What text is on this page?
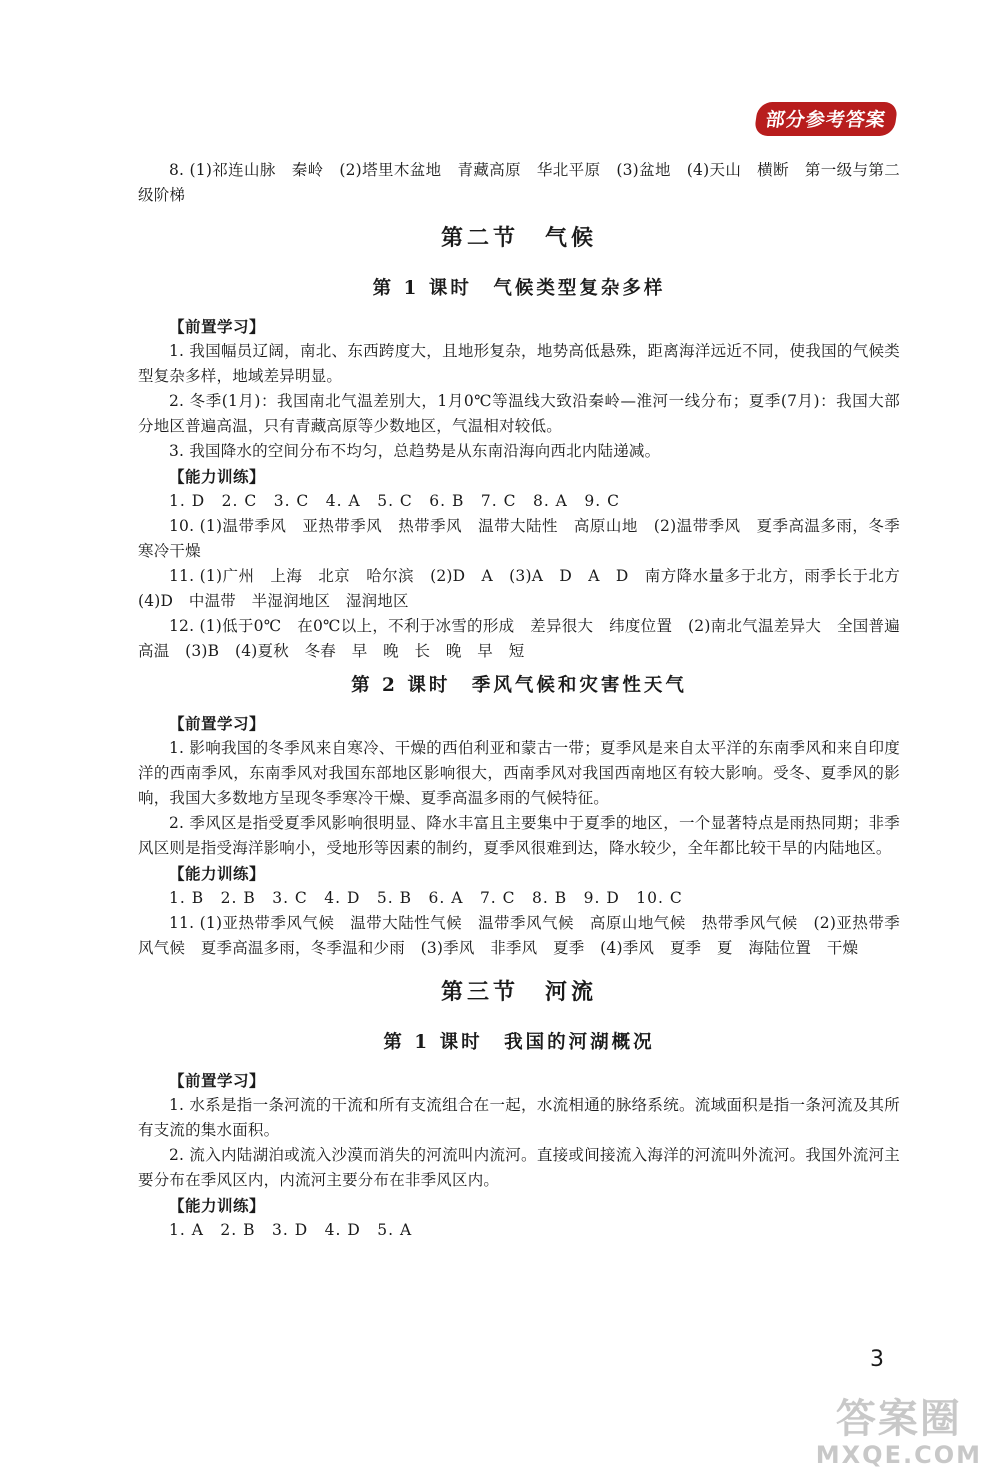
部分参考答案

8. (1)祁连山脉　秦岭　(2)塔里木盆地　青藏高原　华北平原　(3)盆地　(4)天山　横断　第一级与第二级阶梯

第二节　气候
第 1 课时　气候类型复杂多样

【前置学习】

1. 我国幅员辽阔，南北、东西跨度大，且地形复杂，地势高低悬殊，距离海洋远近不同，使我国的气候类型复杂多样，地域差异明显。

2. 冬季(1月)：我国南北气温差别大，1月0℃等温线大致沿秦岭—淮河一线分布；夏季(7月)：我国大部分地区普遍高温，只有青藏高原等少数地区，气温相对较低。

3. 我国降水的空间分布不均匀，总趋势是从东南沿海向西北内陆递减。

【能力训练】

1. D　2. C　3. C　4. A　5. C　6. B　7. C　8. A　9. C

10. (1)温带季风　亚热带季风　热带季风　温带大陆性　高原山地　(2)温带季风　夏季高温多雨，冬季寒冷干燥

11. (1)广州　上海　北京　哈尔滨　(2)D　A　(3)A　D　A　D　南方降水量多于北方，雨季长于北方　(4)D　中温带　半湿润地区　湿润地区

12. (1)低于0℃　在0℃以上，不利于冰雪的形成　差异很大　纬度位置　(2)南北气温差异大　全国普遍高温　(3)B　(4)夏秋　冬春　早　晚　长　晚　早　短

第 2 课时　季风气候和灾害性天气

【前置学习】

1. 影响我国的冬季风来自寒冷、干燥的西伯利亚和蒙古一带；夏季风是来自太平洋的东南季风和来自印度洋的西南季风，东南季风对我国东部地区影响很大，西南季风对我国西南地区有较大影响。受冬、夏季风的影响，我国大多数地方呈现冬季寒冷干燥、夏季高温多雨的气候特征。

2. 季风区是指受夏季风影响很明显、降水丰富且主要集中于夏季的地区，一个显著特点是雨热同期；非季风区则是指受海洋影响小，受地形等因素的制约，夏季风很难到达，降水较少，全年都比较干旱的内陆地区。

【能力训练】

1. B　2. B　3. C　4. D　5. B　6. A　7. C　8. B　9. D　10. C

11. (1)亚热带季风气候　温带大陆性气候　温带季风气候　高原山地气候　热带季风气候　(2)亚热带季风气候　夏季高温多雨，冬季温和少雨　(3)季风　非季风　夏季　(4)季风　夏季　夏　海陆位置　干燥

第三节　河流
第 1 课时　我国的河湖概况

【前置学习】

1. 水系是指一条河流的干流和所有支流组合在一起，水流相通的脉络系统。流域面积是指一条河流及其所有支流的集水面积。

2. 流入内陆湖泊或流入沙漠而消失的河流叫内流河。直接或间接流入海洋的河流叫外流河。我国外流河主要分布在季风区内，内流河主要分布在非季风区内。

【能力训练】

1. A　2. B　3. D　4. D　5. A

3
答案圈
MXQE.COM
